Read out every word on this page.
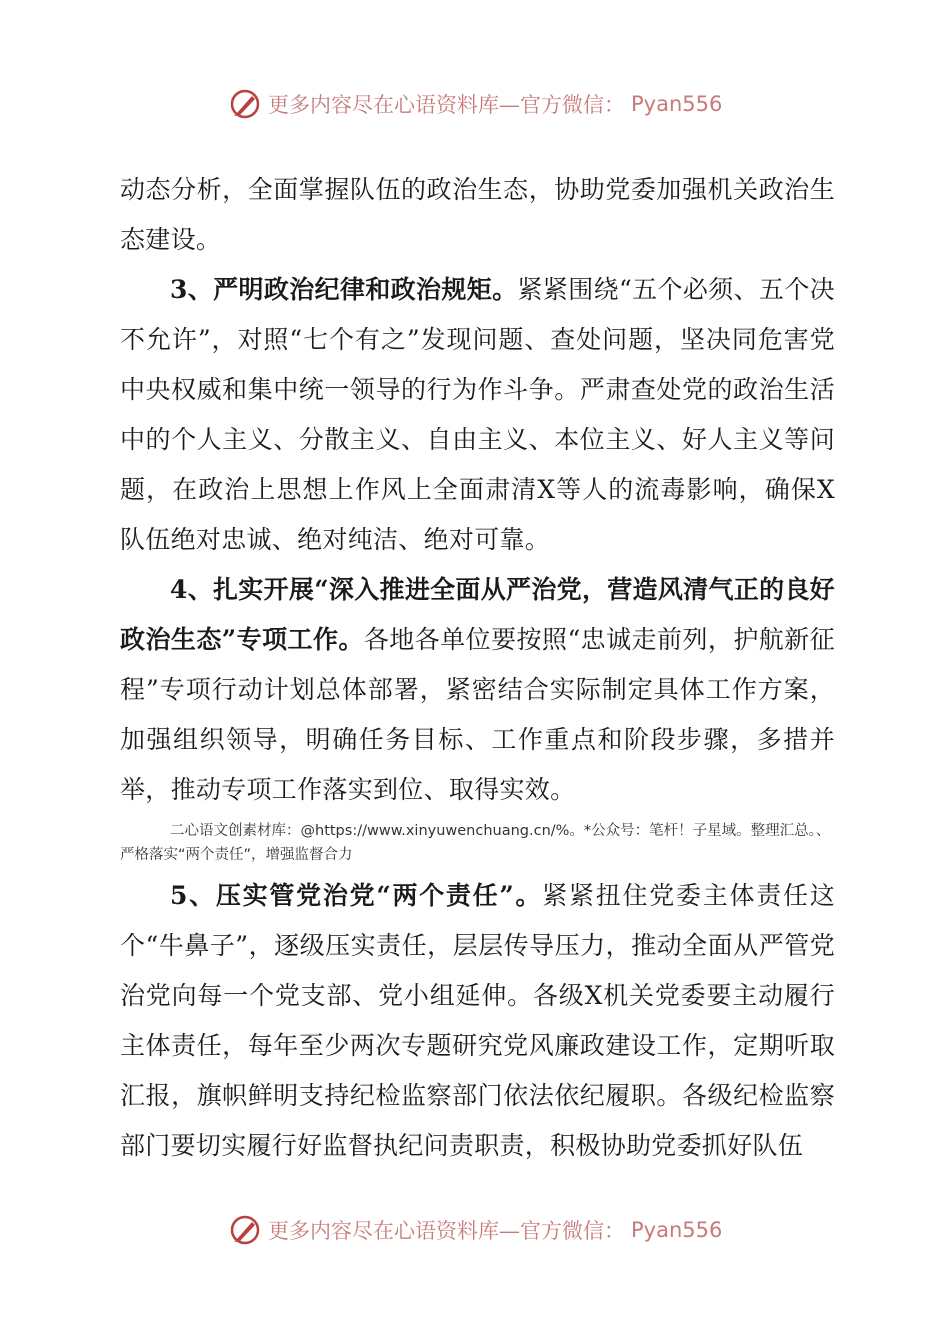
更多内容尽在心语资料库—官方微信： Pyan556

动态分析，全面掌握队伍的政治生态，协助党委加强机关政治生态建设。

3、严明政治纪律和政治规矩。紧紧围绕“五个必须、五个决不允许”，对照“七个有之”发现问题、查处问题，坚决同危害党中央权威和集中统一领导的行为作斗争。严肃查处党的政治生活中的个人主义、分散主义、自由主义、本位主义、好人主义等问题，在政治上思想上作风上全面肃清X等人的流毒影响，确保X队伍绝对忠诚、绝对纯洁、绝对可靠。

4、扎实开展“深入推进全面从严治党，营造风清气正的良好政治生态”专项工作。各地各单位要按照“忠诚走前列，护航新征程”专项行动计划总体部署，紧密结合实际制定具体工作方案，加强组织领导，明确任务目标、工作重点和阶段步骤，多措并举，推动专项工作落实到位、取得实效。

二心语文创素材库：@https://www.xinyuwenchuang.cn/%。*公众号：笔杆！子星域。整理汇总。、严格落实“两个责任”，增强监督合力

5、压实管党治党“两个责任”。紧紧扭住党委主体责任这个“牛鼻子”，逐级压实责任，层层传导压力，推动全面从严管党治党向每一个党支部、党小组延伸。各级X机关党委要主动履行主体责任，每年至少两次专题研究党风廉政建设工作，定期听取汇报，旗帜鲜明支持纪检监察部门依法依纪履职。各级纪检监察部门要切实履行好监督执纪问责职责，积极协助党委抓好队伍

更多内容尽在心语资料库—官方微信： Pyan556
